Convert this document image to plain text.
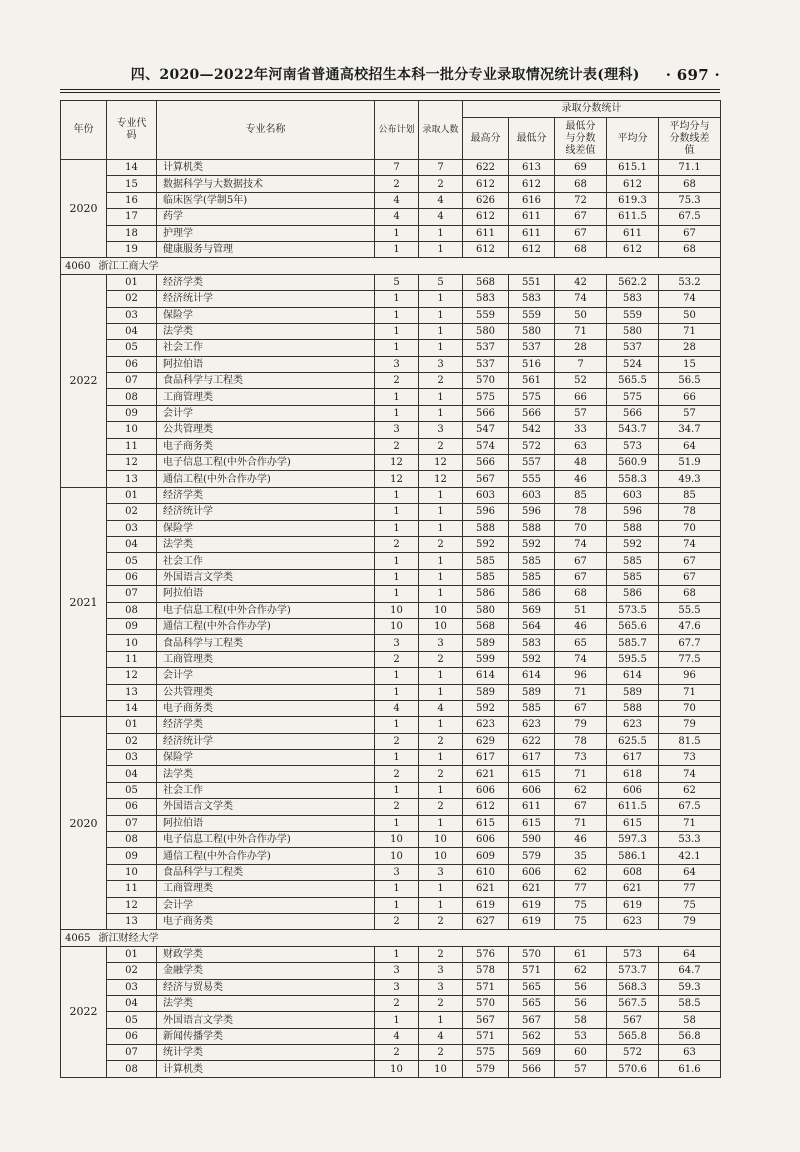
四、2020—2022年河南省普通高校招生本科一批分专业录取情况统计表(理科)	· 697 ·
年份	专业代码	专业名称	公布计划	录取人数	录取分数统计				
					最高分	最低分	最低分与分数线差值	平均分	平均分与分数线差值
2020	14	计算机类	7	7	622	613	69	615.1	71.1
	15	数据科学与大数据技术	2	2	612	612	68	612	68
	16	临床医学(学制5年)	4	4	626	616	72	619.3	75.3
	17	药学	4	4	612	611	67	611.5	67.5
	18	护理学	1	1	611	611	67	611	67
	19	健康服务与管理	1	1	612	612	68	612	68
4060 浙江工商大学									
2022	01	经济学类	5	5	568	551	42	562.2	53.2
	02	经济统计学	1	1	583	583	74	583	74
	03	保险学	1	1	559	559	50	559	50
	04	法学类	1	1	580	580	71	580	71
	05	社会工作	1	1	537	537	28	537	28
	06	阿拉伯语	3	3	537	516	7	524	15
	07	食品科学与工程类	2	2	570	561	52	565.5	56.5
	08	工商管理类	1	1	575	575	66	575	66
	09	会计学	1	1	566	566	57	566	57
	10	公共管理类	3	3	547	542	33	543.7	34.7
	11	电子商务类	2	2	574	572	63	573	64
	12	电子信息工程(中外合作办学)	12	12	566	557	48	560.9	51.9
	13	通信工程(中外合作办学)	12	12	567	555	46	558.3	49.3
2021	01	经济学类	1	1	603	603	85	603	85
	02	经济统计学	1	1	596	596	78	596	78
	03	保险学	1	1	588	588	70	588	70
	04	法学类	2	2	592	592	74	592	74
	05	社会工作	1	1	585	585	67	585	67
	06	外国语言文学类	1	1	585	585	67	585	67
	07	阿拉伯语	1	1	586	586	68	586	68
	08	电子信息工程(中外合作办学)	10	10	580	569	51	573.5	55.5
	09	通信工程(中外合作办学)	10	10	568	564	46	565.6	47.6
	10	食品科学与工程类	3	3	589	583	65	585.7	67.7
	11	工商管理类	2	2	599	592	74	595.5	77.5
	12	会计学	1	1	614	614	96	614	96
	13	公共管理类	1	1	589	589	71	589	71
	14	电子商务类	4	4	592	585	67	588	70
2020	01	经济学类	1	1	623	623	79	623	79
	02	经济统计学	2	2	629	622	78	625.5	81.5
	03	保险学	1	1	617	617	73	617	73
	04	法学类	2	2	621	615	71	618	74
	05	社会工作	1	1	606	606	62	606	62
	06	外国语言文学类	2	2	612	611	67	611.5	67.5
	07	阿拉伯语	1	1	615	615	71	615	71
	08	电子信息工程(中外合作办学)	10	10	606	590	46	597.3	53.3
	09	通信工程(中外合作办学)	10	10	609	579	35	586.1	42.1
	10	食品科学与工程类	3	3	610	606	62	608	64
	11	工商管理类	1	1	621	621	77	621	77
	12	会计学	1	1	619	619	75	619	75
	13	电子商务类	2	2	627	619	75	623	79
4065 浙江财经大学									
2022	01	财政学类	1	2	576	570	61	573	64
	02	金融学类	3	3	578	571	62	573.7	64.7
	03	经济与贸易类	3	3	571	565	56	568.3	59.3
	04	法学类	2	2	570	565	56	567.5	58.5
	05	外国语言文学类	1	1	567	567	58	567	58
	06	新闻传播学类	4	4	571	562	53	565.8	56.8
	07	统计学类	2	2	575	569	60	572	63
	08	计算机类	10	10	579	566	57	570.6	61.6
